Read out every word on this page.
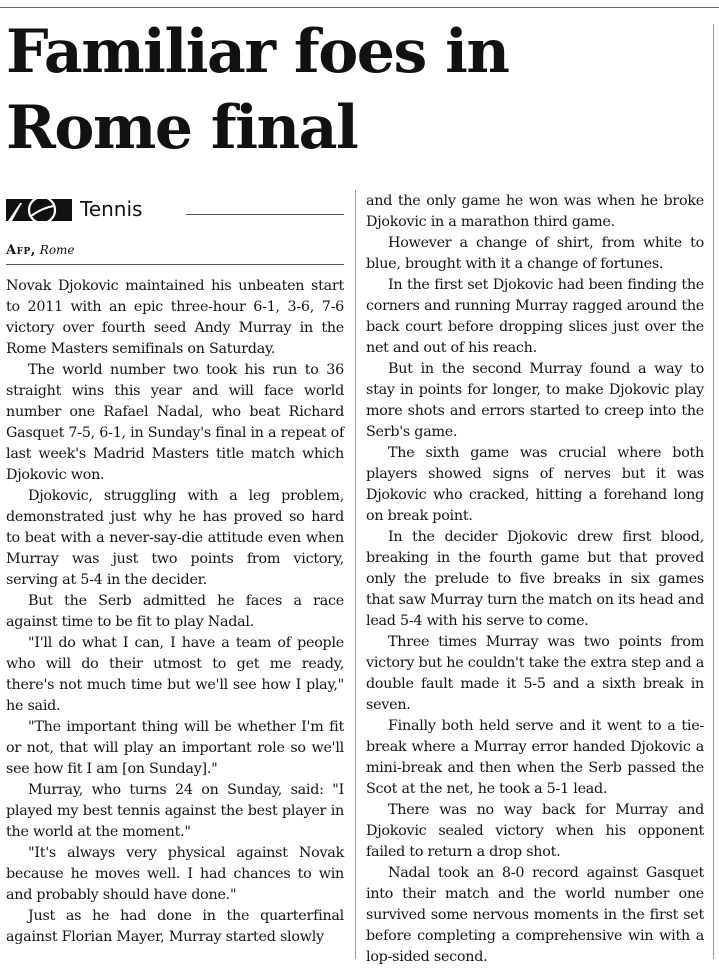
Familiar foes in Rome final
Tennis
Afp, Rome

Novak Djokovic maintained his unbeaten start to 2011 with an epic three-hour 6-1, 3-6, 7-6 victory over fourth seed Andy Murray in the Rome Masters semifinals on Saturday.

The world number two took his run to 36 straight wins this year and will face world number one Rafael Nadal, who beat Richard Gasquet 7-5, 6-1, in Sunday's final in a repeat of last week's Madrid Masters title match which Djokovic won.

Djokovic, struggling with a leg problem, demonstrated just why he has proved so hard to beat with a never-say-die attitude even when Murray was just two points from victory, serving at 5-4 in the decider.

But the Serb admitted he faces a race against time to be fit to play Nadal.

"I'll do what I can, I have a team of people who will do their utmost to get me ready, there's not much time but we'll see how I play," he said.

"The important thing will be whether I'm fit or not, that will play an important role so we'll see how fit I am [on Sunday]."

Murray, who turns 24 on Sunday, said: "I played my best tennis against the best player in the world at the moment."

"It's always very physical against Novak because he moves well. I had chances to win and probably should have done."

Just as he had done in the quarterfinal against Florian Mayer, Murray started slowly

and the only game he won was when he broke Djokovic in a marathon third game.

However a change of shirt, from white to blue, brought with it a change of fortunes.

In the first set Djokovic had been finding the corners and running Murray ragged around the back court before dropping slices just over the net and out of his reach.

But in the second Murray found a way to stay in points for longer, to make Djokovic play more shots and errors started to creep into the Serb's game.

The sixth game was crucial where both players showed signs of nerves but it was Djokovic who cracked, hitting a forehand long on break point.

In the decider Djokovic drew first blood, breaking in the fourth game but that proved only the prelude to five breaks in six games that saw Murray turn the match on its head and lead 5-4 with his serve to come.

Three times Murray was two points from victory but he couldn't take the extra step and a double fault made it 5-5 and a sixth break in seven.

Finally both held serve and it went to a tie-break where a Murray error handed Djokovic a mini-break and then when the Serb passed the Scot at the net, he took a 5-1 lead.

There was no way back for Murray and Djokovic sealed victory when his opponent failed to return a drop shot.

Nadal took an 8-0 record against Gasquet into their match and the world number one survived some nervous moments in the first set before completing a comprehensive win with a lop-sided second.
